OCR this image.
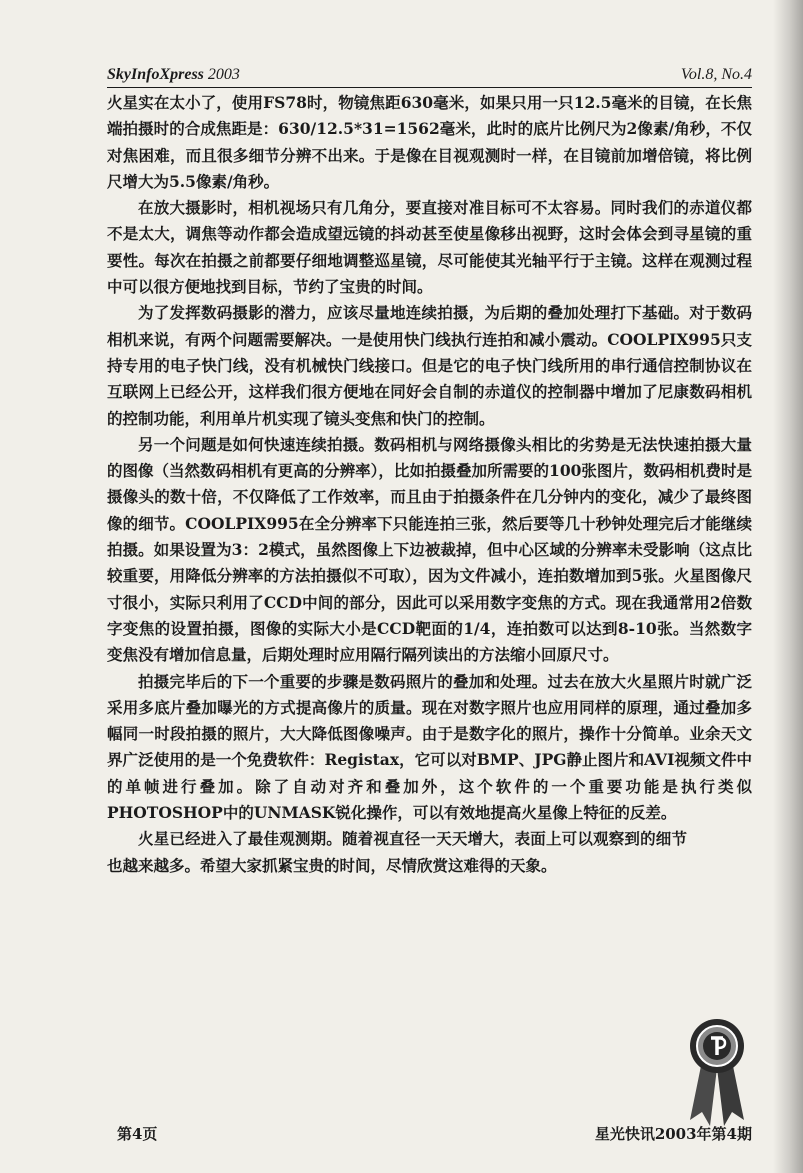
SkyInfoXpress 2003	Vol.8, No.4

火星实在太小了，使用FS78时，物镜焦距630毫米，如果只用一只12.5毫米的目镜，在长焦端拍摄时的合成焦距是：630/12.5*31=1562毫米，此时的底片比例尺为2像素/角秒，不仅对焦困难，而且很多细节分辨不出来。于是像在目视观测时一样，在目镜前加增倍镜，将比例尺增大为5.5像素/角秒。

在放大摄影时，相机视场只有几角分，要直接对准目标可不太容易。同时我们的赤道仪都不是太大，调焦等动作都会造成望远镜的抖动甚至使星像移出视野，这时会体会到寻星镜的重要性。每次在拍摄之前都要仔细地调整巡星镜，尽可能使其光轴平行于主镜。这样在观测过程中可以很方便地找到目标，节约了宝贵的时间。

为了发挥数码摄影的潜力，应该尽量地连续拍摄，为后期的叠加处理打下基础。对于数码相机来说，有两个问题需要解决。一是使用快门线执行连拍和减小震动。COOLPIX995只支持专用的电子快门线，没有机械快门线接口。但是它的电子快门线所用的串行通信控制协议在互联网上已经公开，这样我们很方便地在同好会自制的赤道仪的控制器中增加了尼康数码相机的控制功能，利用单片机实现了镜头变焦和快门的控制。

另一个问题是如何快速连续拍摄。数码相机与网络摄像头相比的劣势是无法快速拍摄大量的图像（当然数码相机有更高的分辨率），比如拍摄叠加所需要的100张图片，数码相机费时是摄像头的数十倍，不仅降低了工作效率，而且由于拍摄条件在几分钟内的变化，减少了最终图像的细节。COOLPIX995在全分辨率下只能连拍三张，然后要等几十秒钟处理完后才能继续拍摄。如果设置为3：2模式，虽然图像上下边被裁掉，但中心区域的分辨率未受影响（这点比较重要，用降低分辨率的方法拍摄似不可取），因为文件减小，连拍数增加到5张。火星图像尺寸很小，实际只利用了CCD中间的部分，因此可以采用数字变焦的方式。现在我通常用2倍数字变焦的设置拍摄，图像的实际大小是CCD靶面的1/4，连拍数可以达到8-10张。当然数字变焦没有增加信息量，后期处理时应用隔行隔列读出的方法缩小回原尺寸。

拍摄完毕后的下一个重要的步骤是数码照片的叠加和处理。过去在放大火星照片时就广泛采用多底片叠加曝光的方式提高像片的质量。现在对数字照片也应用同样的原理，通过叠加多幅同一时段拍摄的照片，大大降低图像噪声。由于是数字化的照片，操作十分简单。业余天文界广泛使用的是一个免费软件：Registax，它可以对BMP、JPG静止图片和AVI视频文件中的单帧进行叠加。除了自动对齐和叠加外，这个软件的一个重要功能是执行类似PHOTOSHOP中的UNMASK锐化操作，可以有效地提高火星像上特征的反差。

火星已经进入了最佳观测期。随着视直径一天天增大，表面上可以观察到的细节也越来越多。希望大家抓紧宝贵的时间，尽情欣赏这难得的天象。

第4页	星光快讯2003年第4期
